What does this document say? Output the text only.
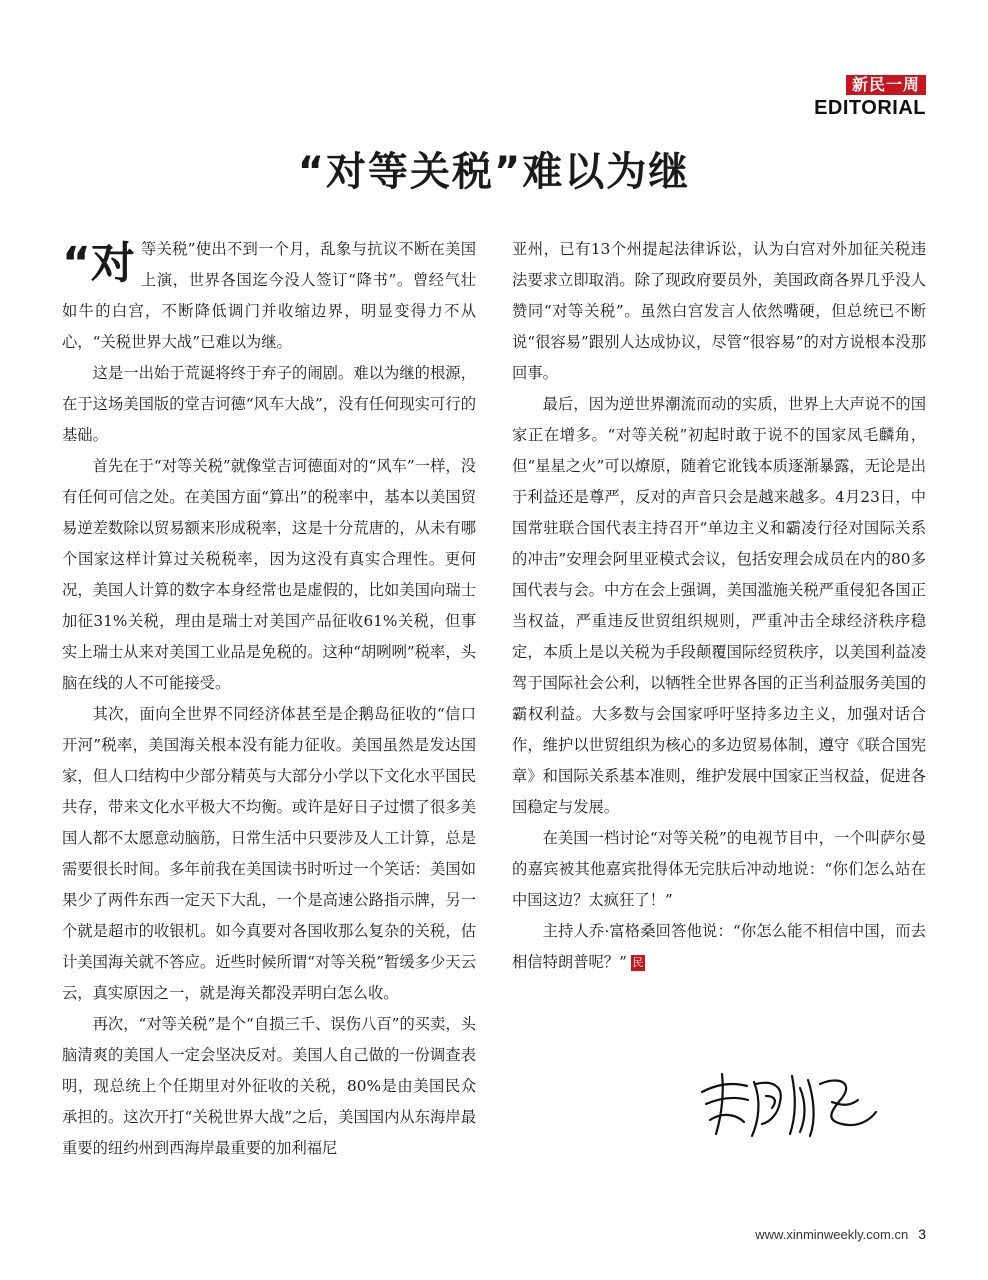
新民一周
EDITORIAL
“对等关税”难以为继

“对等关税”使出不到一个月，乱象与抗议不断在美国上演，世界各国迄今没人签订“降书”。曾经气壮如牛的白宫，不断降低调门并收缩边界，明显变得力不从心，“关税世界大战”已难以为继。

这是一出始于荒诞将终于弃子的闹剧。难以为继的根源，在于这场美国版的堂吉诃德“风车大战”，没有任何现实可行的基础。

首先在于“对等关税”就像堂吉诃德面对的“风车”一样，没有任何可信之处。在美国方面“算出”的税率中，基本以美国贸易逆差数除以贸易额来形成税率，这是十分荒唐的，从未有哪个国家这样计算过关税税率，因为这没有真实合理性。更何况，美国人计算的数字本身经常也是虚假的，比如美国向瑞士加征31%关税，理由是瑞士对美国产品征收61%关税，但事实上瑞士从来对美国工业品是免税的。这种“胡咧咧”税率，头脑在线的人不可能接受。

其次，面向全世界不同经济体甚至是企鹅岛征收的“信口开河”税率，美国海关根本没有能力征收。美国虽然是发达国家，但人口结构中少部分精英与大部分小学以下文化水平国民共存，带来文化水平极大不均衡。或许是好日子过惯了很多美国人都不太愿意动脑筋，日常生活中只要涉及人工计算，总是需要很长时间。多年前我在美国读书时听过一个笑话：美国如果少了两件东西一定天下大乱，一个是高速公路指示牌，另一个就是超市的收银机。如今真要对各国收那么复杂的关税，估计美国海关就不答应。近些时候所谓“对等关税”暂缓多少天云云，真实原因之一，就是海关都没弄明白怎么收。

再次，“对等关税”是个“自损三千、误伤八百”的买卖，头脑清爽的美国人一定会坚决反对。美国人自己做的一份调查表明，现总统上个任期里对外征收的关税，80%是由美国民众承担的。这次开打“关税世界大战”之后，美国国内从东海岸最重要的纽约州到西海岸最重要的加利福尼

亚州，已有13个州提起法律诉讼，认为白宫对外加征关税违法要求立即取消。除了现政府要员外，美国政商各界几乎没人赞同“对等关税”。虽然白宫发言人依然嘴硬，但总统已不断说“很容易”跟别人达成协议，尽管“很容易”的对方说根本没那回事。

最后，因为逆世界潮流而动的实质，世界上大声说不的国家正在增多。“对等关税”初起时敢于说不的国家凤毛麟角，但“星星之火”可以燎原，随着它讹钱本质逐渐暴露，无论是出于利益还是尊严，反对的声音只会是越来越多。4月23日，中国常驻联合国代表主持召开“单边主义和霸凌行径对国际关系的冲击”安理会阿里亚模式会议，包括安理会成员在内的80多国代表与会。中方在会上强调，美国滥施关税严重侵犯各国正当权益，严重违反世贸组织规则，严重冲击全球经济秩序稳定，本质上是以关税为手段颠覆国际经贸秩序，以美国利益凌驾于国际社会公利，以牺牲全世界各国的正当利益服务美国的霸权利益。大多数与会国家呼吁坚持多边主义，加强对话合作，维护以世贸组织为核心的多边贸易体制，遵守《联合国宪章》和国际关系基本准则，维护发展中国家正当权益，促进各国稳定与发展。

在美国一档讨论“对等关税”的电视节目中，一个叫萨尔曼的嘉宾被其他嘉宾批得体无完肤后冲动地说：“你们怎么站在中国这边？太疯狂了！”

主持人乔·富格桑回答他说：“你怎么能不相信中国，而去相信特朗普呢？” 民

www.xinminweekly.com.cn 3
